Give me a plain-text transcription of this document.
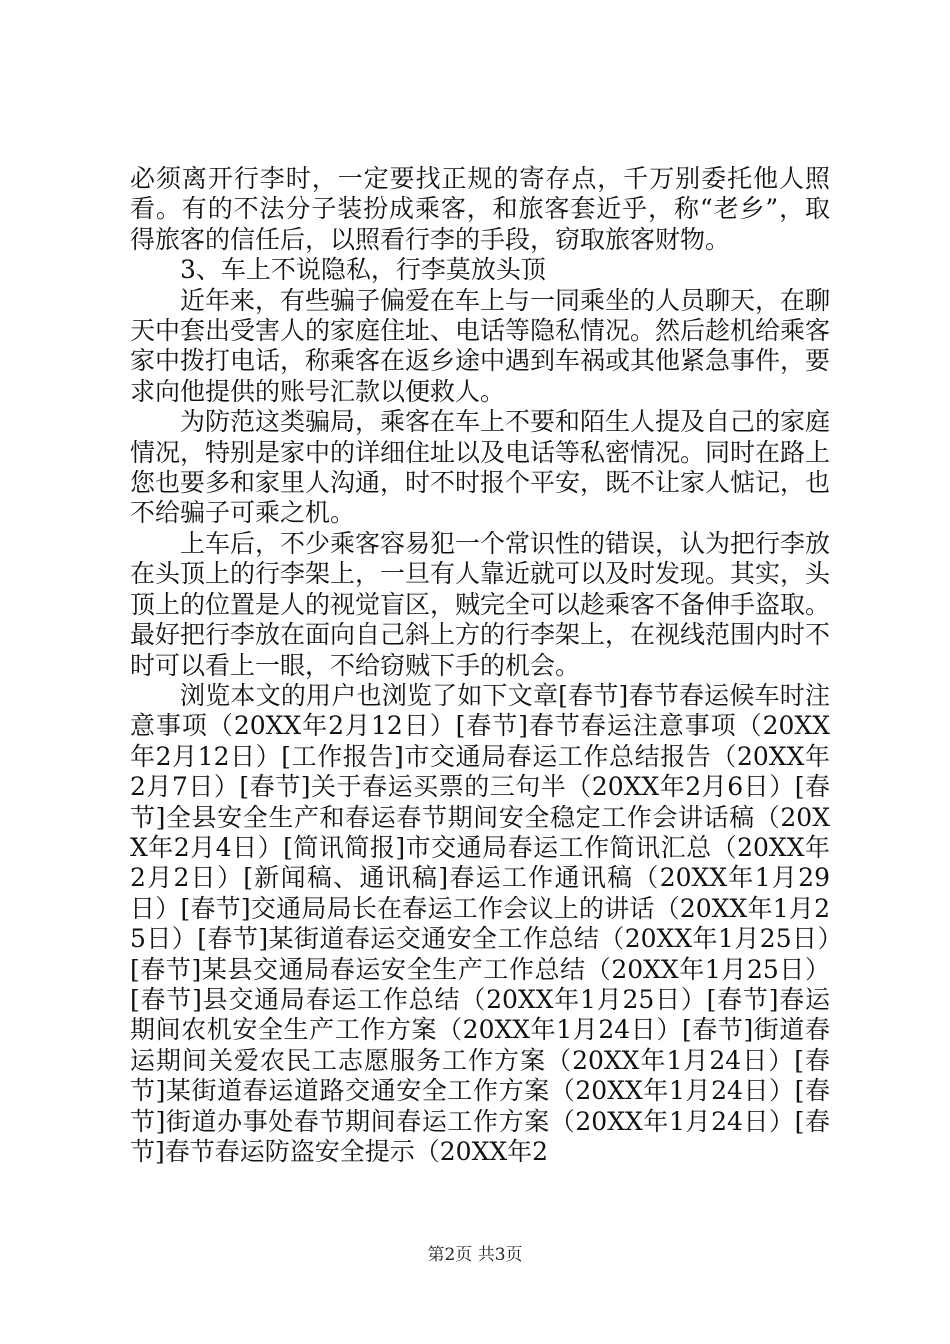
必须离开行李时，一定要找正规的寄存点，千万别委托他人照看。有的不法分子装扮成乘客，和旅客套近乎，称“老乡”，取得旅客的信任后，以照看行李的手段，窃取旅客财物。

3、车上不说隐私，行李莫放头顶

近年来，有些骗子偏爱在车上与一同乘坐的人员聊天，在聊天中套出受害人的家庭住址、电话等隐私情况。然后趁机给乘客家中拨打电话，称乘客在返乡途中遇到车祸或其他紧急事件，要求向他提供的账号汇款以便救人。

为防范这类骗局，乘客在车上不要和陌生人提及自己的家庭情况，特别是家中的详细住址以及电话等私密情况。同时在路上您也要多和家里人沟通，时不时报个平安，既不让家人惦记，也不给骗子可乘之机。

上车后，不少乘客容易犯一个常识性的错误，认为把行李放在头顶上的行李架上，一旦有人靠近就可以及时发现。其实，头顶上的位置是人的视觉盲区，贼完全可以趁乘客不备伸手盗取。最好把行李放在面向自己斜上方的行李架上，在视线范围内时不时可以看上一眼，不给窃贼下手的机会。

浏览本文的用户也浏览了如下文章[春节]春节春运候车时注意事项（20XX年2月12日）[春节]春节春运注意事项（20XX年2月12日）[工作报告]市交通局春运工作总结报告（20XX年2月7日）[春节]关于春运买票的三句半（20XX年2月6日）[春节]全县安全生产和春运春节期间安全稳定工作会讲话稿（20XX年2月4日）[简讯简报]市交通局春运工作简讯汇总（20XX年2月2日）[新闻稿、通讯稿]春运工作通讯稿（20XX年1月29日）[春节]交通局局长在春运工作会议上的讲话（20XX年1月25日）[春节]某街道春运交通安全工作总结（20XX年1月25日）[春节]某县交通局春运安全生产工作总结（20XX年1月25日）[春节]县交通局春运工作总结（20XX年1月25日）[春节]春运期间农机安全生产工作方案（20XX年1月24日）[春节]街道春运期间关爱农民工志愿服务工作方案（20XX年1月24日）[春节]某街道春运道路交通安全工作方案（20XX年1月24日）[春节]街道办事处春节期间春运工作方案（20XX年1月24日）[春节]春节春运防盗安全提示（20XX年2

第2页 共3页
